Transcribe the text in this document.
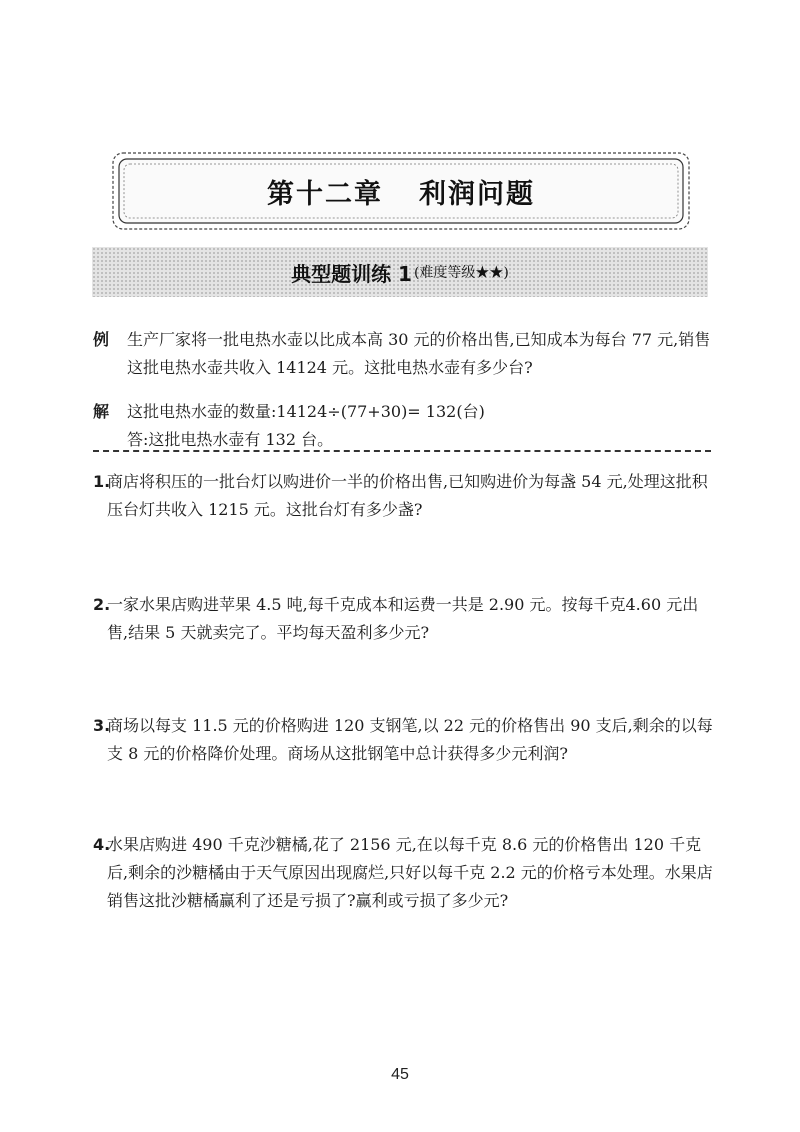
第十二章 利润问题
典型题训练 1 (难度等级★★)
例 生产厂家将一批电热水壶以比成本高 30 元的价格出售,已知成本为每台 77 元,销售这批电热水壶共收入 14124 元。这批电热水壶有多少台?
解 这批电热水壶的数量:14124÷(77+30)= 132(台)
答:这批电热水壶有 132 台。
1.
商店将积压的一批台灯以购进价一半的价格出售,已知购进价为每盏 54 元,处理这批积压台灯共收入 1215 元。这批台灯有多少盏?
2.
一家水果店购进苹果 4.5 吨,每千克成本和运费一共是 2.90 元。按每千克4.60 元出售,结果 5 天就卖完了。平均每天盈利多少元?
3.
商场以每支 11.5 元的价格购进 120 支钢笔,以 22 元的价格售出 90 支后,剩余的以每支 8 元的价格降价处理。商场从这批钢笔中总计获得多少元利润?
4.
水果店购进 490 千克沙糖橘,花了 2156 元,在以每千克 8.6 元的价格售出 120 千克后,剩余的沙糖橘由于天气原因出现腐烂,只好以每千克 2.2 元的价格亏本处理。水果店销售这批沙糖橘赢利了还是亏损了?赢利或亏损了多少元?
45
